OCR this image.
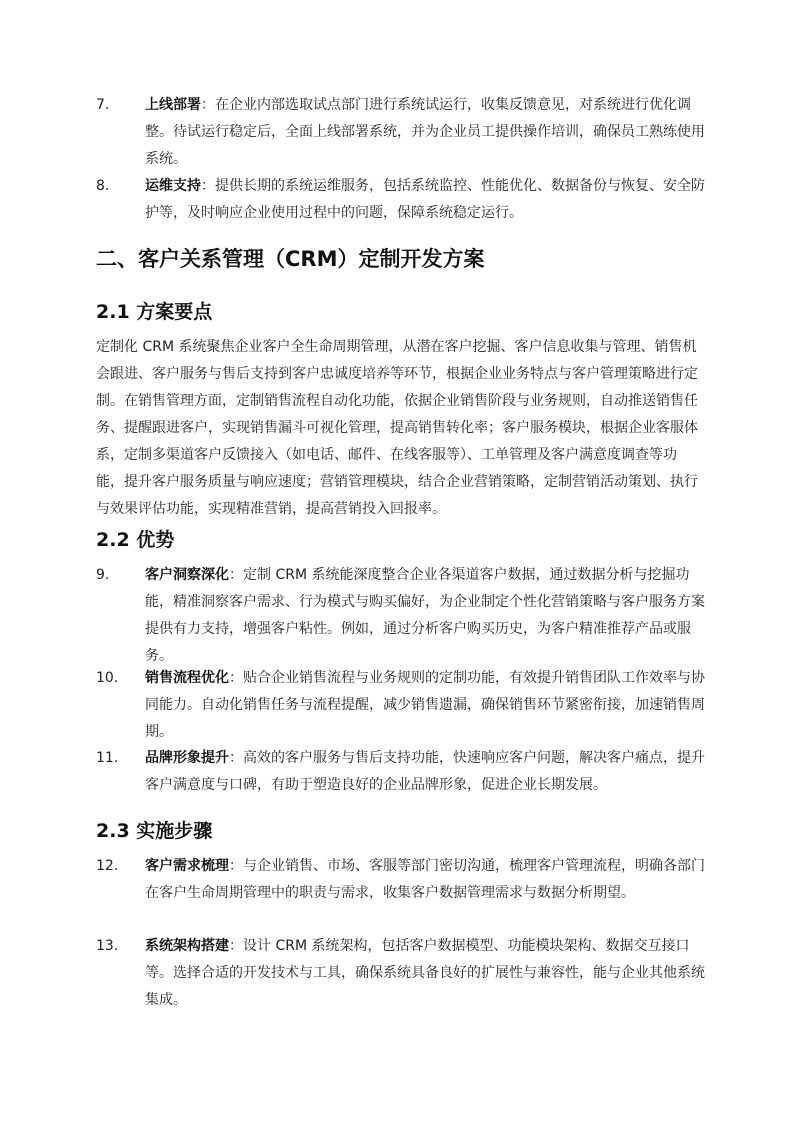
7.	上线部署：在企业内部选取试点部门进行系统试运行，收集反馈意见，对系统进行优化调整。待试运行稳定后，全面上线部署系统，并为企业员工提供操作培训，确保员工熟练使用系统。
8.	运维支持：提供长期的系统运维服务，包括系统监控、性能优化、数据备份与恢复、安全防护等，及时响应企业使用过程中的问题，保障系统稳定运行。
二、客户关系管理（CRM）定制开发方案
2.1 方案要点

定制化 CRM 系统聚焦企业客户全生命周期管理，从潜在客户挖掘、客户信息收集与管理、销售机会跟进、客户服务与售后支持到客户忠诚度培养等环节，根据企业业务特点与客户管理策略进行定制。在销售管理方面，定制销售流程自动化功能，依据企业销售阶段与业务规则，自动推送销售任务、提醒跟进客户，实现销售漏斗可视化管理，提高销售转化率；客户服务模块，根据企业客服体系，定制多渠道客户反馈接入（如电话、邮件、在线客服等）、工单管理及客户满意度调查等功能，提升客户服务质量与响应速度；营销管理模块，结合企业营销策略，定制营销活动策划、执行与效果评估功能，实现精准营销，提高营销投入回报率。

2.2 优势
9.	客户洞察深化：定制 CRM 系统能深度整合企业各渠道客户数据，通过数据分析与挖掘功能，精准洞察客户需求、行为模式与购买偏好，为企业制定个性化营销策略与客户服务方案提供有力支持，增强客户粘性。例如，通过分析客户购买历史，为客户精准推荐产品或服务。
10. 销售流程优化：贴合企业销售流程与业务规则的定制功能，有效提升销售团队工作效率与协同能力。自动化销售任务与流程提醒，减少销售遗漏，确保销售环节紧密衔接，加速销售周期。
11. 品牌形象提升：高效的客户服务与售后支持功能，快速响应客户问题，解决客户痛点，提升客户满意度与口碑，有助于塑造良好的企业品牌形象，促进企业长期发展。
2.3 实施步骤
12. 客户需求梳理：与企业销售、市场、客服等部门密切沟通，梳理客户管理流程，明确各部门在客户生命周期管理中的职责与需求，收集客户数据管理需求与数据分析期望。
13. 系统架构搭建：设计 CRM 系统架构，包括客户数据模型、功能模块架构、数据交互接口等。选择合适的开发技术与工具，确保系统具备良好的扩展性与兼容性，能与企业其他系统集成。
